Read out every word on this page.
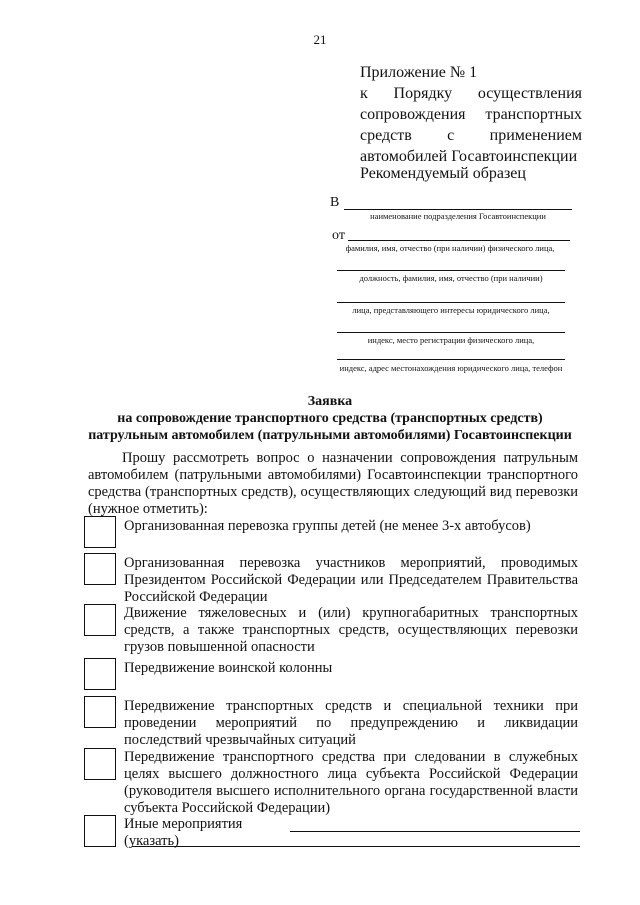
21
Приложение № 1
к Порядку осуществления
сопровождения транспортных
средств с применением
автомобилей Госавтоинспекции
Рекомендуемый образец
В
наименование подразделения Госавтоинспекции
от
фамилия, имя, отчество (при наличии) физического лица,
должность, фамилия, имя, отчество (при наличии)
лица, представляющего интересы юридического лица,
индекс, место регистрации физического лица,
индекс, адрес местонахождения юридического лица, телефон
Заявка
на сопровождение транспортного средства (транспортных средств)
патрульным автомобилем (патрульными автомобилями) Госавтоинспекции
Прошу рассмотреть вопрос о назначении сопровождения патрульным автомобилем (патрульными автомобилями) Госавтоинспекции транспортного средства (транспортных средств), осуществляющих следующий вид перевозки (нужное отметить):
Организованная перевозка группы детей (не менее 3-х автобусов)
Организованная перевозка участников мероприятий, проводимых Президентом Российской Федерации или Председателем Правительства Российской Федерации
Движение тяжеловесных и (или) крупногабаритных транспортных средств, а также транспортных средств, осуществляющих перевозки грузов повышенной опасности
Передвижение воинской колонны
Передвижение транспортных средств и специальной техники при проведении мероприятий по предупреждению и ликвидации последствий чрезвычайных ситуаций
Передвижение транспортного средства при следовании в служебных целях высшего должностного лица субъекта Российской Федерации (руководителя высшего исполнительного органа государственной власти субъекта Российской Федерации)
Иные мероприятия (указать)
